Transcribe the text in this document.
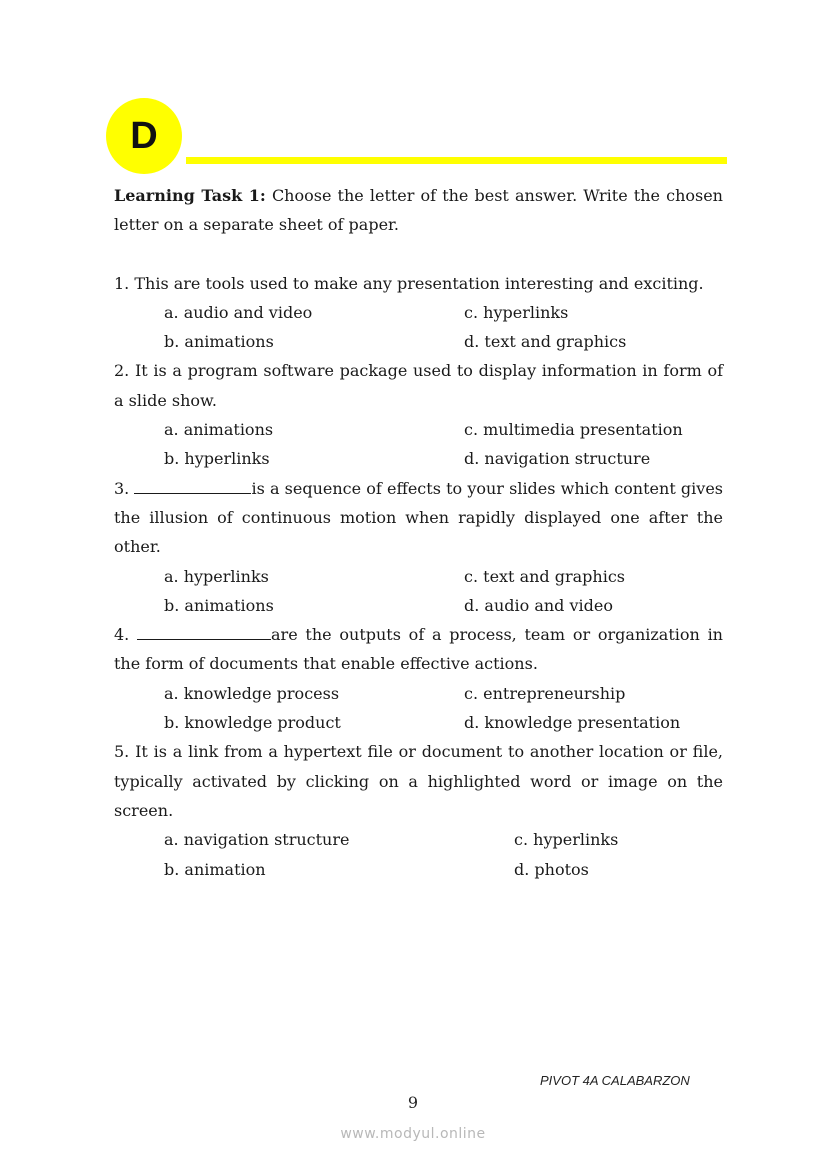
D

Learning Task 1: Choose the letter of the best answer. Write the chosen letter on a separate sheet of paper.

1. This are tools used to make any presentation interesting and exciting.

a. audio and video	c. hyperlinks
b. animations	d. text and graphics

2. It is a program software package used to display information in form of a slide show.

a. animations	c. multimedia presentation
b. hyperlinks	d. navigation structure

3.	is a sequence of effects to your slides which content gives the illusion of continuous motion when rapidly displayed one after the other.

a. hyperlinks	c. text and graphics
b. animations	d. audio and video

4.	are the outputs of a process, team or organization in the form of documents that enable effective actions.

a. knowledge process	c. entrepreneurship
b. knowledge product	d. knowledge presentation

5. It is a link from a hypertext file or document to another location or file, typically activated by clicking on a highlighted word or image on the screen.

a. navigation structure	c. hyperlinks
b. animation	d. photos
PIVOT 4A CALABARZON
9
www.modyul.online
